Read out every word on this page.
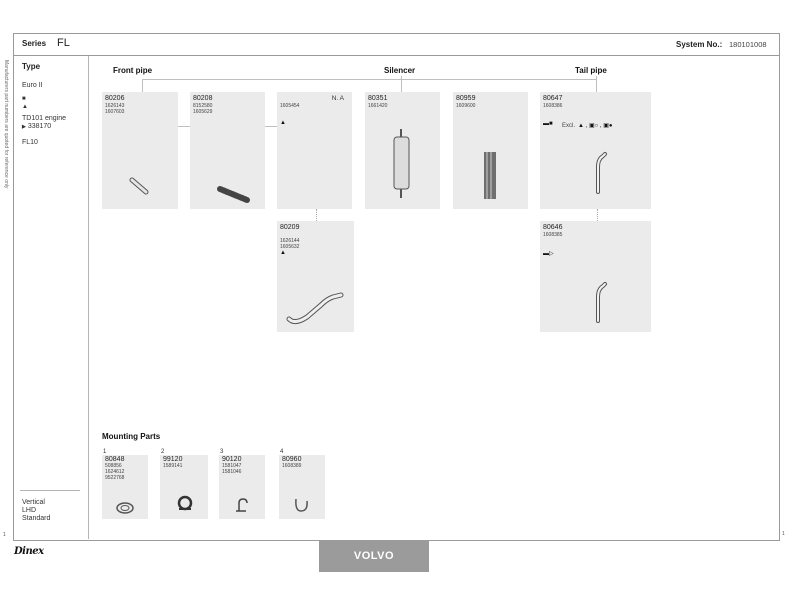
Series FL	System No.: 180101008
Manufacturers part numbers are quoted for reference only
1	1
Type
Euro II
■​
▲
TD101 engine
▶ 338170
FL10
Vertical
LHD
Standard
Front pipe	Silencer	Tail pipe
80206
1626143
1607603
80208
8152580
1605629
N. A
1605454
▲
80351
1661420
80959
1609600
80647
1608386
▬■ Excl. ▲ , ▣○ , ▣●
80209
1626144
1605632
▲
80646
1608385
▬▷
Mounting Parts
1
80848
508856
1624612
9522768
2
99120
1589141
3
90120
1581047
1581046
4
80960
1608389
Dinex	VOLVO
